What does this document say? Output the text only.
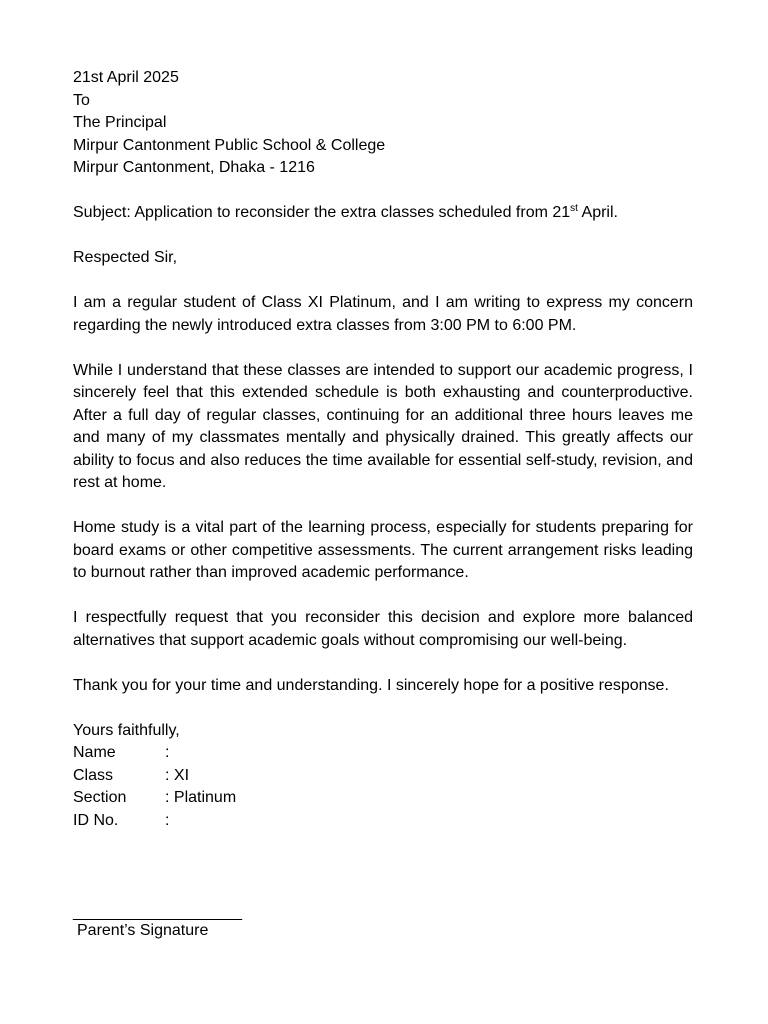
21st April 2025
To
The Principal
Mirpur Cantonment Public School & College
Mirpur Cantonment, Dhaka - 1216
Subject: Application to reconsider the extra classes scheduled from 21st April.
Respected Sir,
I am a regular student of Class XI Platinum, and I am writing to express my concern regarding the newly introduced extra classes from 3:00 PM to 6:00 PM.
While I understand that these classes are intended to support our academic progress, I sincerely feel that this extended schedule is both exhausting and counterproductive. After a full day of regular classes, continuing for an additional three hours leaves me and many of my classmates mentally and physically drained. This greatly affects our ability to focus and also reduces the time available for essential self-study, revision, and rest at home.
Home study is a vital part of the learning process, especially for students preparing for board exams or other competitive assessments. The current arrangement risks leading to burnout rather than improved academic performance.
I respectfully request that you reconsider this decision and explore more balanced alternatives that support academic goals without compromising our well-being.
Thank you for your time and understanding. I sincerely hope for a positive response.
Yours faithfully,
Name	:
Class	: XI
Section	: Platinum
ID No.	:
___________________
Parent’s Signature
